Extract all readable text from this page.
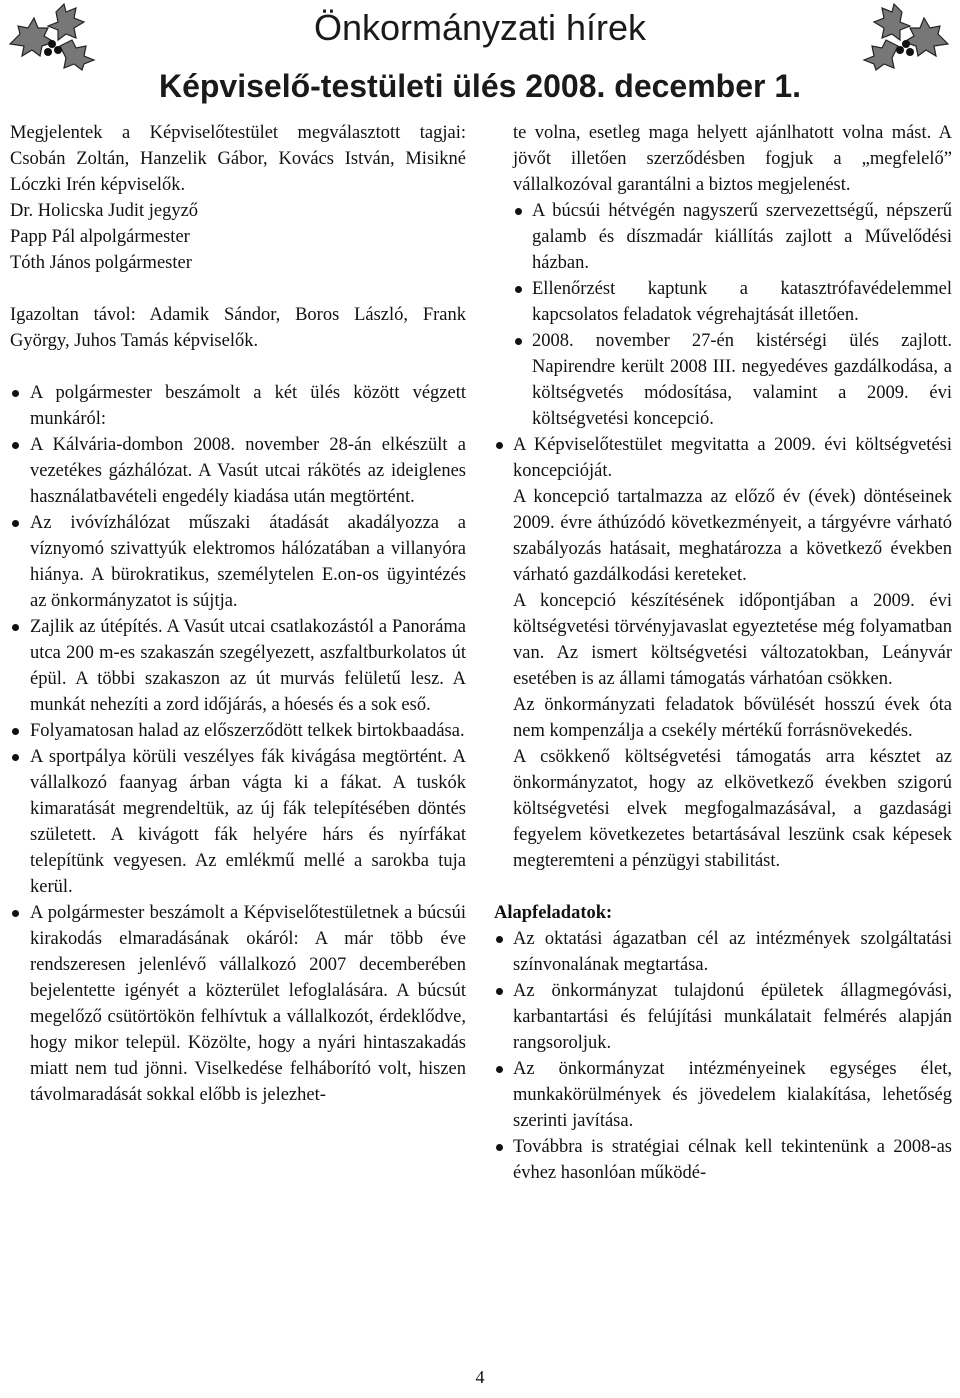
Önkormányzati hírek
Képviselő-testületi ülés 2008. december 1.

Megjelentek a Képviselőtestület megválasztott tagjai: Csobán Zoltán, Hanzelik Gábor, Kovács István, Misikné Lóczki Irén képviselők.

Dr. Holicska Judit jegyző

Papp Pál alpolgármester

Tóth János polgármester

Igazoltan távol: Adamik Sándor, Boros László, Frank György, Juhos Tamás képviselők.

A polgármester beszámolt a két ülés között végzett munkáról:
A Kálvária-dombon 2008. november 28-án elkészült a vezetékes gázhálózat. A Vasút utcai rákötés az ideiglenes használatbavételi engedély kiadása után megtörtént.
Az ivóvízhálózat műszaki átadását akadályozza a víznyomó szivattyúk elektromos hálózatában a villanyóra hiánya. A bürokratikus, személytelen E.on-os ügyintézés az önkormányzatot is sújtja.
Zajlik az útépítés. A Vasút utcai csatlakozástól a Panoráma utca 200 m-es szakaszán szegélyezett, aszfaltburkolatos út épül. A többi szakaszon az út murvás felületű lesz. A munkát nehezíti a zord időjárás, a hóesés és a sok eső.
Folyamatosan halad az előszerződött telkek birtokbaadása.
A sportpálya körüli veszélyes fák kivágása megtörtént. A vállalkozó faanyag árban vágta ki a fákat. A tuskók kimaratását megrendeltük, az új fák telepítésében döntés született. A kivágott fák helyére hárs és nyírfákat telepítünk vegyesen. Az emlékmű mellé a sarokba tuja kerül.
A polgármester beszámolt a Képviselőtestületnek a búcsúi kirakodás elmaradásának okáról: A már több éve rendszeresen jelenlévő vállalkozó 2007 decemberében bejelentette igényét a közterület lefoglalására. A búcsút megelőző csütörtökön felhívtuk a vállalkozót, érdeklődve, hogy mikor települ. Közölte, hogy a nyári hintaszakadás miatt nem tud jönni. Viselkedése felháborító volt, hiszen távolmaradását sokkal előbb is jelezhet-

te volna, esetleg maga helyett ajánlhatott volna mást. A jövőt illetően szerződésben fogjuk a „megfelelő” vállalkozóval garantálni a biztos megjelenést.

A búcsúi hétvégén nagyszerű szervezettségű, népszerű galamb és díszmadár kiállítás zajlott a Művelődési házban.
Ellenőrzést kaptunk a katasztrófavédelemmel kapcsolatos feladatok végrehajtását illetően.
2008. november 27-én kistérségi ülés zajlott. Napirendre került 2008 III. negyedéves gazdálkodása, a költségvetés módosítása, valamint a 2009. évi költségvetési koncepció.

A Képviselőtestület megvitatta a 2009. évi költségvetési koncepcióját.

A koncepció tartalmazza az előző év (évek) döntéseinek 2009. évre áthúzódó következményeit, a tárgyévre várható szabályozás hatásait, meghatározza a következő években várható gazdálkodási kereteket.

A koncepció készítésének időpontjában a 2009. évi költségvetési törvényjavaslat egyeztetése még folyamatban van. Az ismert költségvetési változatokban, Leányvár esetében is az állami támogatás várhatóan csökken.

Az önkormányzati feladatok bővülését hosszú évek óta nem kompenzálja a csekély mértékű forrásnövekedés.

A csökkenő költségvetési támogatás arra késztet az önkormányzatot, hogy az elkövetkező években szigorú költségvetési elvek megfogalmazásával, a gazdasági fegyelem következetes betartásával leszünk csak képesek megteremteni a pénzügyi stabilitást.

Alapfeladatok:

Az oktatási ágazatban cél az intézmények szolgáltatási színvonalának megtartása.
Az önkormányzat tulajdonú épületek állagmegóvási, karbantartási és felújítási munkálatait felmérés alapján rangsoroljuk.
Az önkormányzat intézményeinek egységes élet, munkakörülmények és jövedelem kialakítása, lehetőség szerinti javítása.
Továbbra is stratégiai célnak kell tekintenünk a 2008-as évhez hasonlóan működé-
4
